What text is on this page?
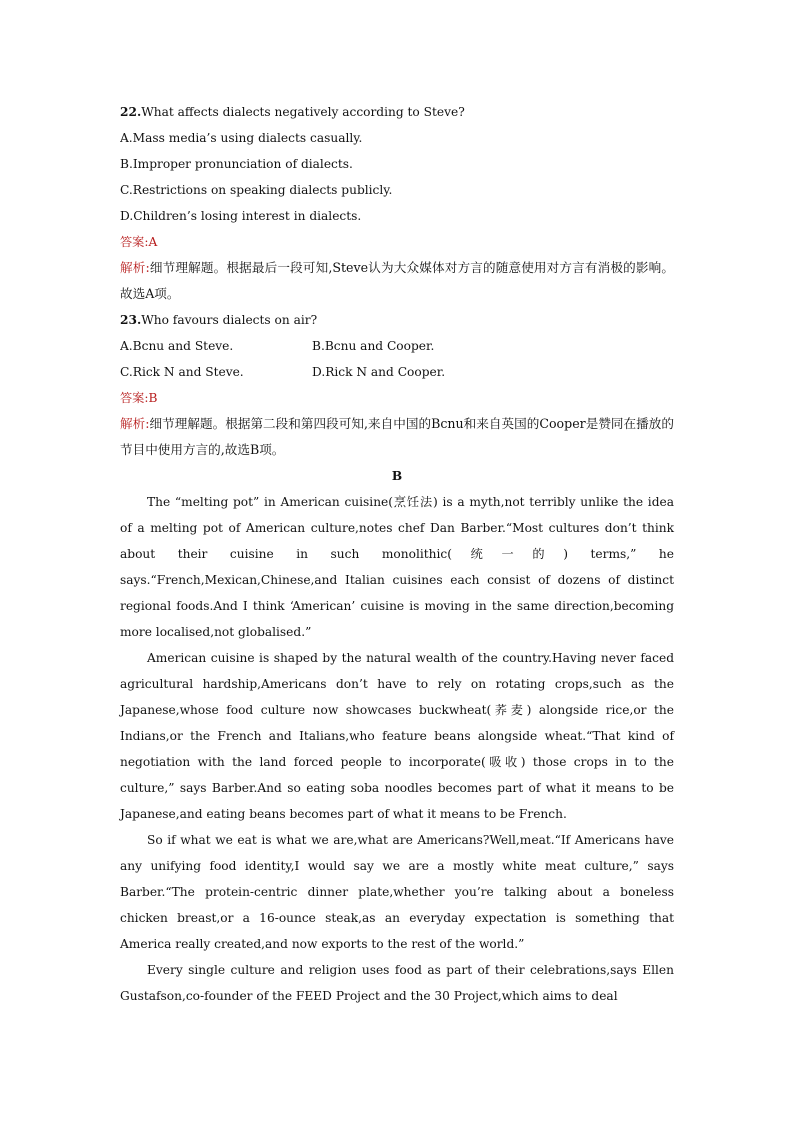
22.What affects dialects negatively according to Steve?
A.Mass media’s using dialects casually.
B.Improper pronunciation of dialects.
C.Restrictions on speaking dialects publicly.
D.Children’s losing interest in dialects.
答案:A

解析:细节理解题。根据最后一段可知,Steve认为大众媒体对方言的随意使用对方言有消极的影响。故选A项。

23.Who favours dialects on air?
A.Bcnu and Steve.	B.Bcnu and Cooper.
C.Rick N and Steve.	D.Rick N and Cooper.
答案:B

解析:细节理解题。根据第二段和第四段可知,来自中国的Bcnu和来自英国的Cooper是赞同在播放的节目中使用方言的,故选B项。

B

The “melting pot” in American cuisine(烹饪法) is a myth,not terribly unlike the idea of a melting pot of American culture,notes chef Dan Barber.“Most cultures don’t think about their cuisine in such monolithic(统一的) terms,” he says.“French,Mexican,Chinese,and Italian cuisines each consist of dozens of distinct regional foods.And I think ‘American’ cuisine is moving in the same direction,becoming more localised,not globalised.”

American cuisine is shaped by the natural wealth of the country.Having never faced agricultural hardship,Americans don’t have to rely on rotating crops,such as the Japanese,whose food culture now showcases buckwheat(荞麦) alongside rice,or the Indians,or the French and Italians,who feature beans alongside wheat.“That kind of negotiation with the land forced people to incorporate(吸收) those crops in to the culture,” says Barber.And so eating soba noodles becomes part of what it means to be Japanese,and eating beans becomes part of what it means to be French.

So if what we eat is what we are,what are Americans?Well,meat.“If Americans have any unifying food identity,I would say we are a mostly white meat culture,” says Barber.“The protein-centric dinner plate,whether you’re talking about a boneless chicken breast,or a 16-ounce steak,as an everyday expectation is something that America really created,and now exports to the rest of the world.”

Every single culture and religion uses food as part of their celebrations,says Ellen Gustafson,co-founder of the FEED Project and the 30 Project,which aims to deal
